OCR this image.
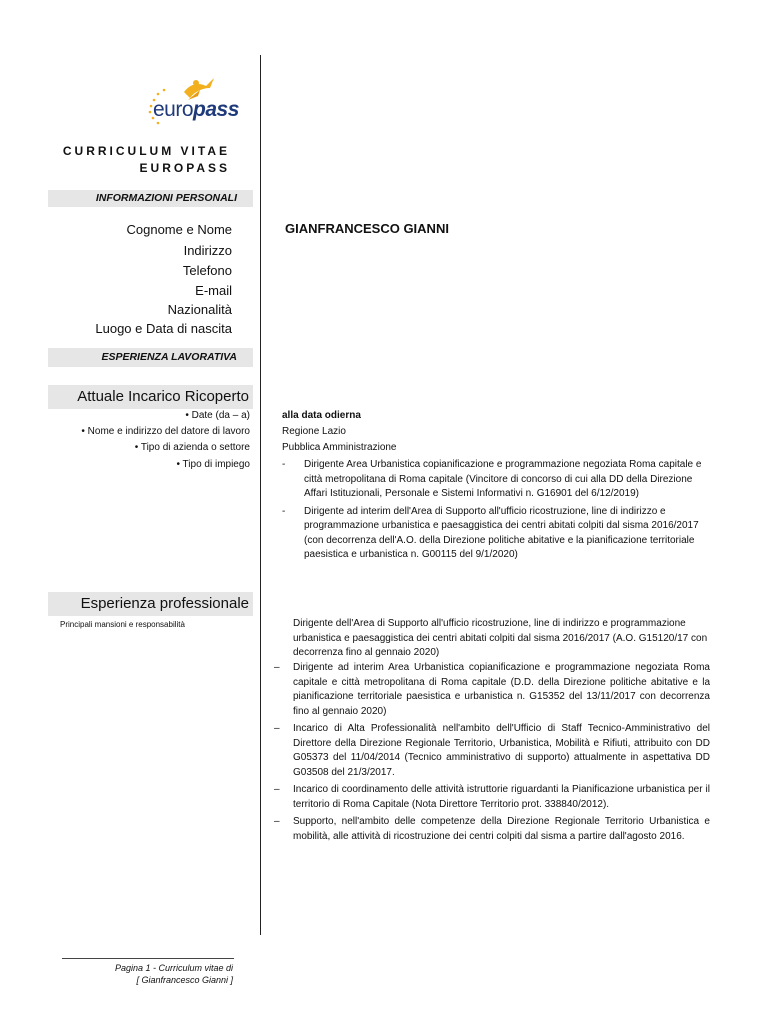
europass
CURRICULUM VITAE
EUROPASS
INFORMAZIONI PERSONALI
Cognome e Nome
Indirizzo
Telefono
E-mail
Nazionalità
Luogo e Data di nascita
GIANFRANCESCO GIANNI
ESPERIENZA LAVORATIVA
Attuale Incarico Ricoperto
• Date (da – a)
• Nome e indirizzo del datore di lavoro
• Tipo di azienda o settore
• Tipo di impiego
alla data odierna
Regione Lazio
Pubblica Amministrazione
- Dirigente Area Urbanistica copianificazione e programmazione negoziata Roma capitale e città metropolitana di Roma capitale (Vincitore di concorso di cui alla DD della Direzione Affari Istituzionali, Personale e Sistemi Informativi n. G16901 del 6/12/2019)
- Dirigente ad interim dell'Area di Supporto all'ufficio ricostruzione, line di indirizzo e programmazione urbanistica e paesaggistica dei centri abitati colpiti dal sisma 2016/2017 (con decorrenza dell'A.O. della Direzione politiche abitative e la pianificazione territoriale paesistica e urbanistica n. G00115 del 9/1/2020)
Esperienza professionale
Principali mansioni e responsabilità	Dirigente dell'Area di Supporto all'ufficio ricostruzione, line di indirizzo e programmazione urbanistica e paesaggistica dei centri abitati colpiti dal sisma 2016/2017 (A.O. G15120/17 con decorrenza fino al gennaio 2020)
– Dirigente ad interim Area Urbanistica copianificazione e programmazione negoziata Roma capitale e città metropolitana di Roma capitale (D.D. della Direzione politiche abitative e la pianificazione territoriale paesistica e urbanistica n. G15352 del 13/11/2017 con decorrenza fino al gennaio 2020)
– Incarico di Alta Professionalità nell'ambito dell'Ufficio di Staff Tecnico-Amministrativo del Direttore della Direzione Regionale Territorio, Urbanistica, Mobilità e Rifiuti, attribuito con DD G05373 del 11/04/2014 (Tecnico amministrativo di supporto) attualmente in aspettativa DD G03508 del 21/3/2017.
– Incarico di coordinamento delle attività istruttorie riguardanti la Pianificazione urbanistica per il territorio di Roma Capitale (Nota Direttore Territorio prot. 338840/2012).
– Supporto, nell'ambito delle competenze della Direzione Regionale Territorio Urbanistica e mobilità, alle attività di ricostruzione dei centri colpiti dal sisma a partire dall'agosto 2016.
Pagina 1 - Curriculum vitae di
[ Gianfrancesco Gianni ]
